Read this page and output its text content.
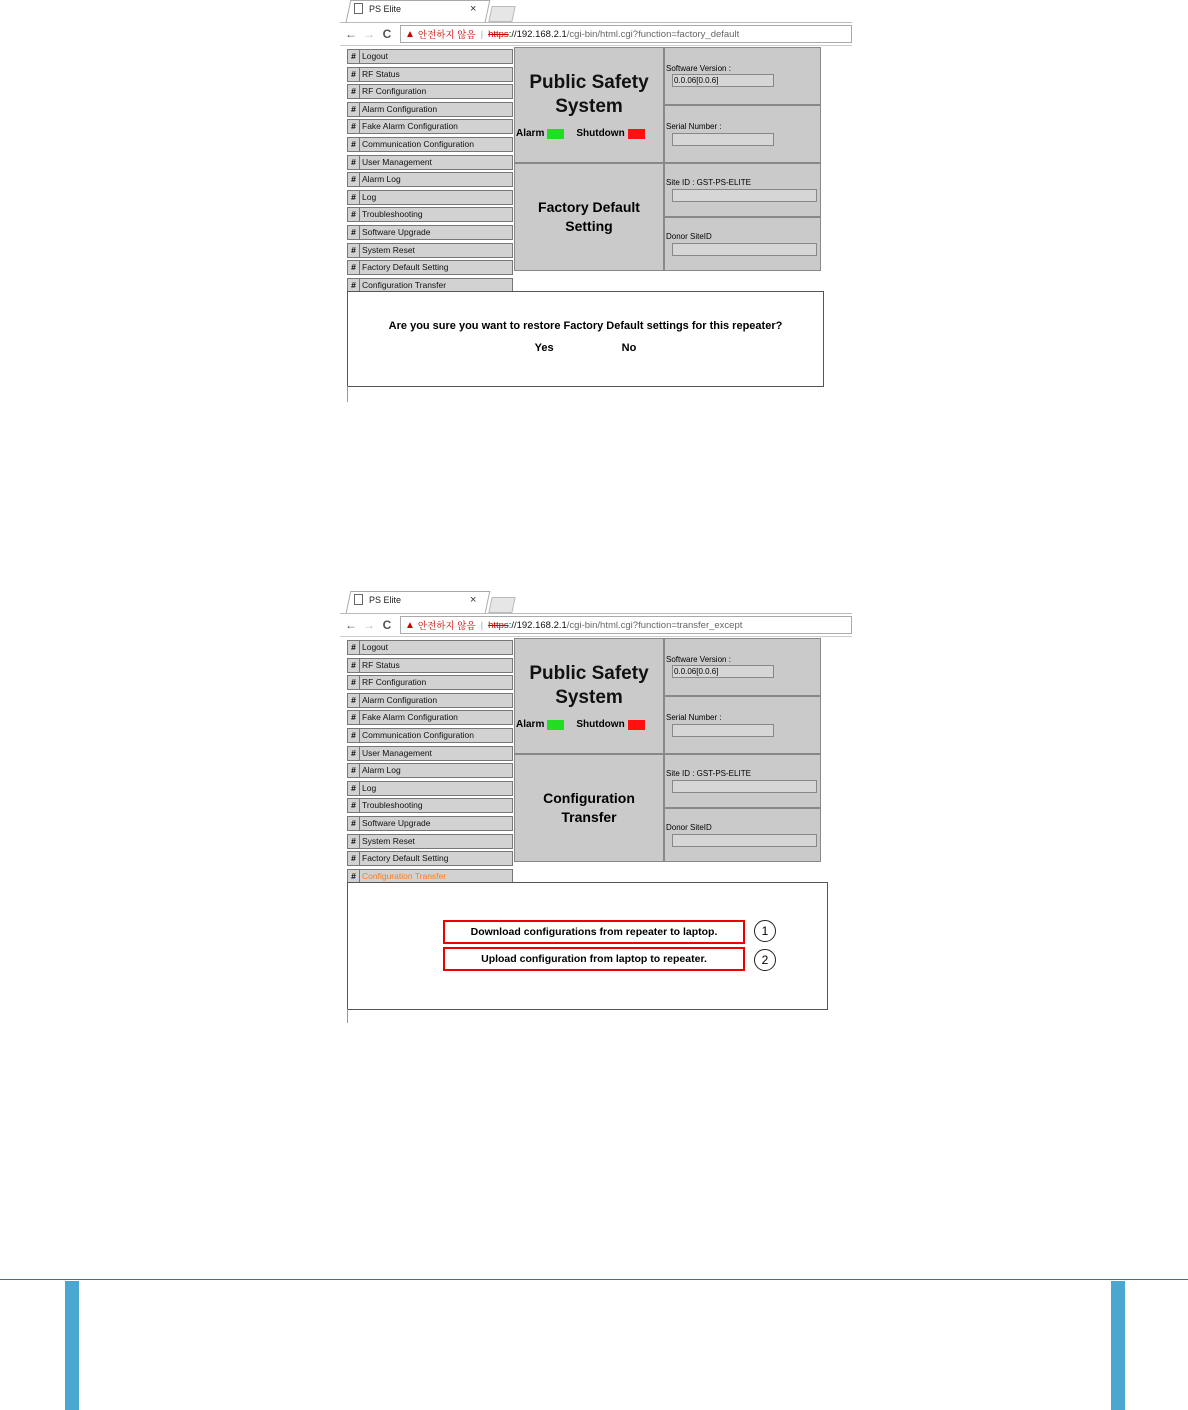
PS Elite	×
← → C ▲ 안전하지 않음 | https ://192.168.2.1 /cgi-bin/html.cgi?function=factory_default
# Logout
# RF Status
# RF Configuration
# Alarm Configuration
# Fake Alarm Configuration
# Communication Configuration
# User Management
# Alarm Log
# Log
# Troubleshooting
# Software Upgrade
# System Reset
# Factory Default Setting
# Configuration Transfer
Public Safety
System
Alarm	Shutdown
Factory Default
Setting
Software Version :
0.0.06[0.0.6]
Serial Number :
Site ID : GST-PS-ELITE
Donor SiteID
Are you sure you want to restore Factory Default settings for this repeater?
Yes	No
PS Elite	×
← → C ▲ 안전하지 않음 | https ://192.168.2.1 /cgi-bin/html.cgi?function=transfer_except
# Logout
# RF Status
# RF Configuration
# Alarm Configuration
# Fake Alarm Configuration
# Communication Configuration
# User Management
# Alarm Log
# Log
# Troubleshooting
# Software Upgrade
# System Reset
# Factory Default Setting
# Configuration Transfer
Public Safety
System
Alarm	Shutdown
Configuration
Transfer
Software Version :
0.0.06[0.0.6]
Serial Number :
Site ID : GST-PS-ELITE
Donor SiteID
Download configurations from repeater to laptop.	1
Upload configuration from laptop to repeater.	2
